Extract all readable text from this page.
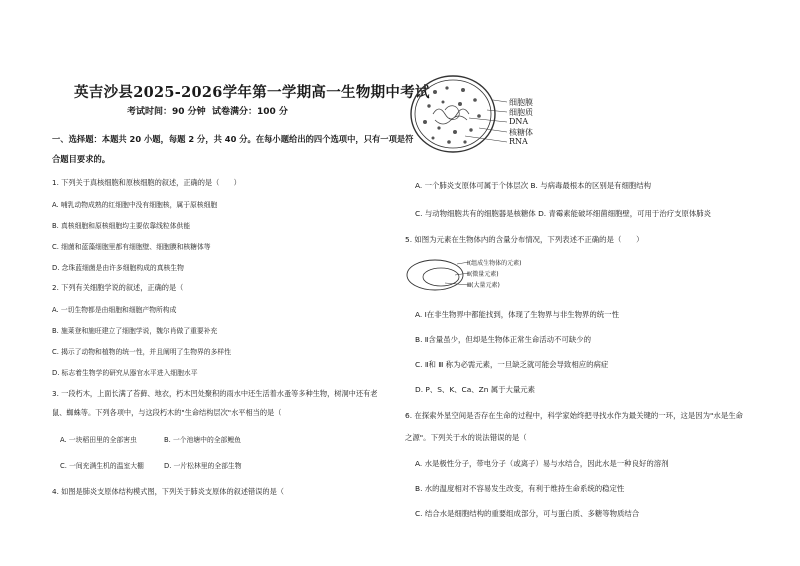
英吉沙县2025-2026学年第一学期高一生物期中考试
考试时间：90 分钟 试卷满分：100 分
一、选择题：本题共 20 小题，每题 2 分，共 40 分。在每小题给出的四个选项中，只有一项是符
合题目要求的。
1. 下列关于真核细胞和原核细胞的叙述，正确的是（　　）
A. 哺乳动物成熟的红细胞中没有细胞核，属于原核细胞
B. 真核细胞和原核细胞均主要依靠线粒体供能
C. 细菌和蓝藻细胞里都有细胞壁、细胞膜和核糖体等
D. 念珠蓝细菌是由许多细胞构成的真核生物
2. 下列有关细胞学说的叙述，正确的是（
A. 一切生物都是由细胞和细胞产物所构成
B. 施莱登和施旺建立了细胞学说，魏尔肖做了重要补充
C. 揭示了动物和植物的统一性，并且阐明了生物界的多样性
D. 标志着生物学的研究从器官水平进入细胞水平
3. 一段朽木，上面长满了苔藓、地衣，朽木凹处聚积的雨水中还生活着水蚤等多种生物，树洞中还有老
鼠、蜘蛛等。下列各项中，与这段朽木的"生命结构层次"水平相当的是（
A. 一块稻田里的全部害虫	B. 一个池塘中的全部鲤鱼
C. 一间充满生机的温室大棚	D. 一片松林里的全部生物
4. 如图是肺炎支原体结构模式图，下列关于肺炎支原体的叙述错误的是（
细胞膜
细胞质
DNA
核糖体
RNA
A. 一个肺炎支原体可属于个体层次 B. 与病毒最根本的区别是有细胞结构
C. 与动物细胞共有的细胞器是核糖体 D. 青霉素能破坏细菌细胞壁，可用于治疗支原体肺炎
5. 如图为元素在生物体内的含量分布情况，下列表述不正确的是（　　）
Ⅰ(组成生物体的元素)
Ⅱ(微量元素)
Ⅲ(大量元素)
A. Ⅰ在非生物界中都能找到，体现了生物界与非生物界的统一性
B. Ⅱ含量虽少，但却是生物体正常生命活动不可缺少的
C. Ⅱ和 Ⅲ 称为必需元素，一旦缺乏就可能会导致相应的病症
D. P、S、K、Ca、Zn 属于大量元素
6. 在探索外星空间是否存在生命的过程中，科学家始终把寻找水作为最关键的一环，这是因为"水是生命
之源"。下列关于水的说法错误的是（
A. 水是极性分子，带电分子（或离子）易与水结合，因此水是一种良好的溶剂
B. 水的温度相对不容易发生改变，有利于维持生命系统的稳定性
C. 结合水是细胞结构的重要组成部分，可与蛋白质、多糖等物质结合
